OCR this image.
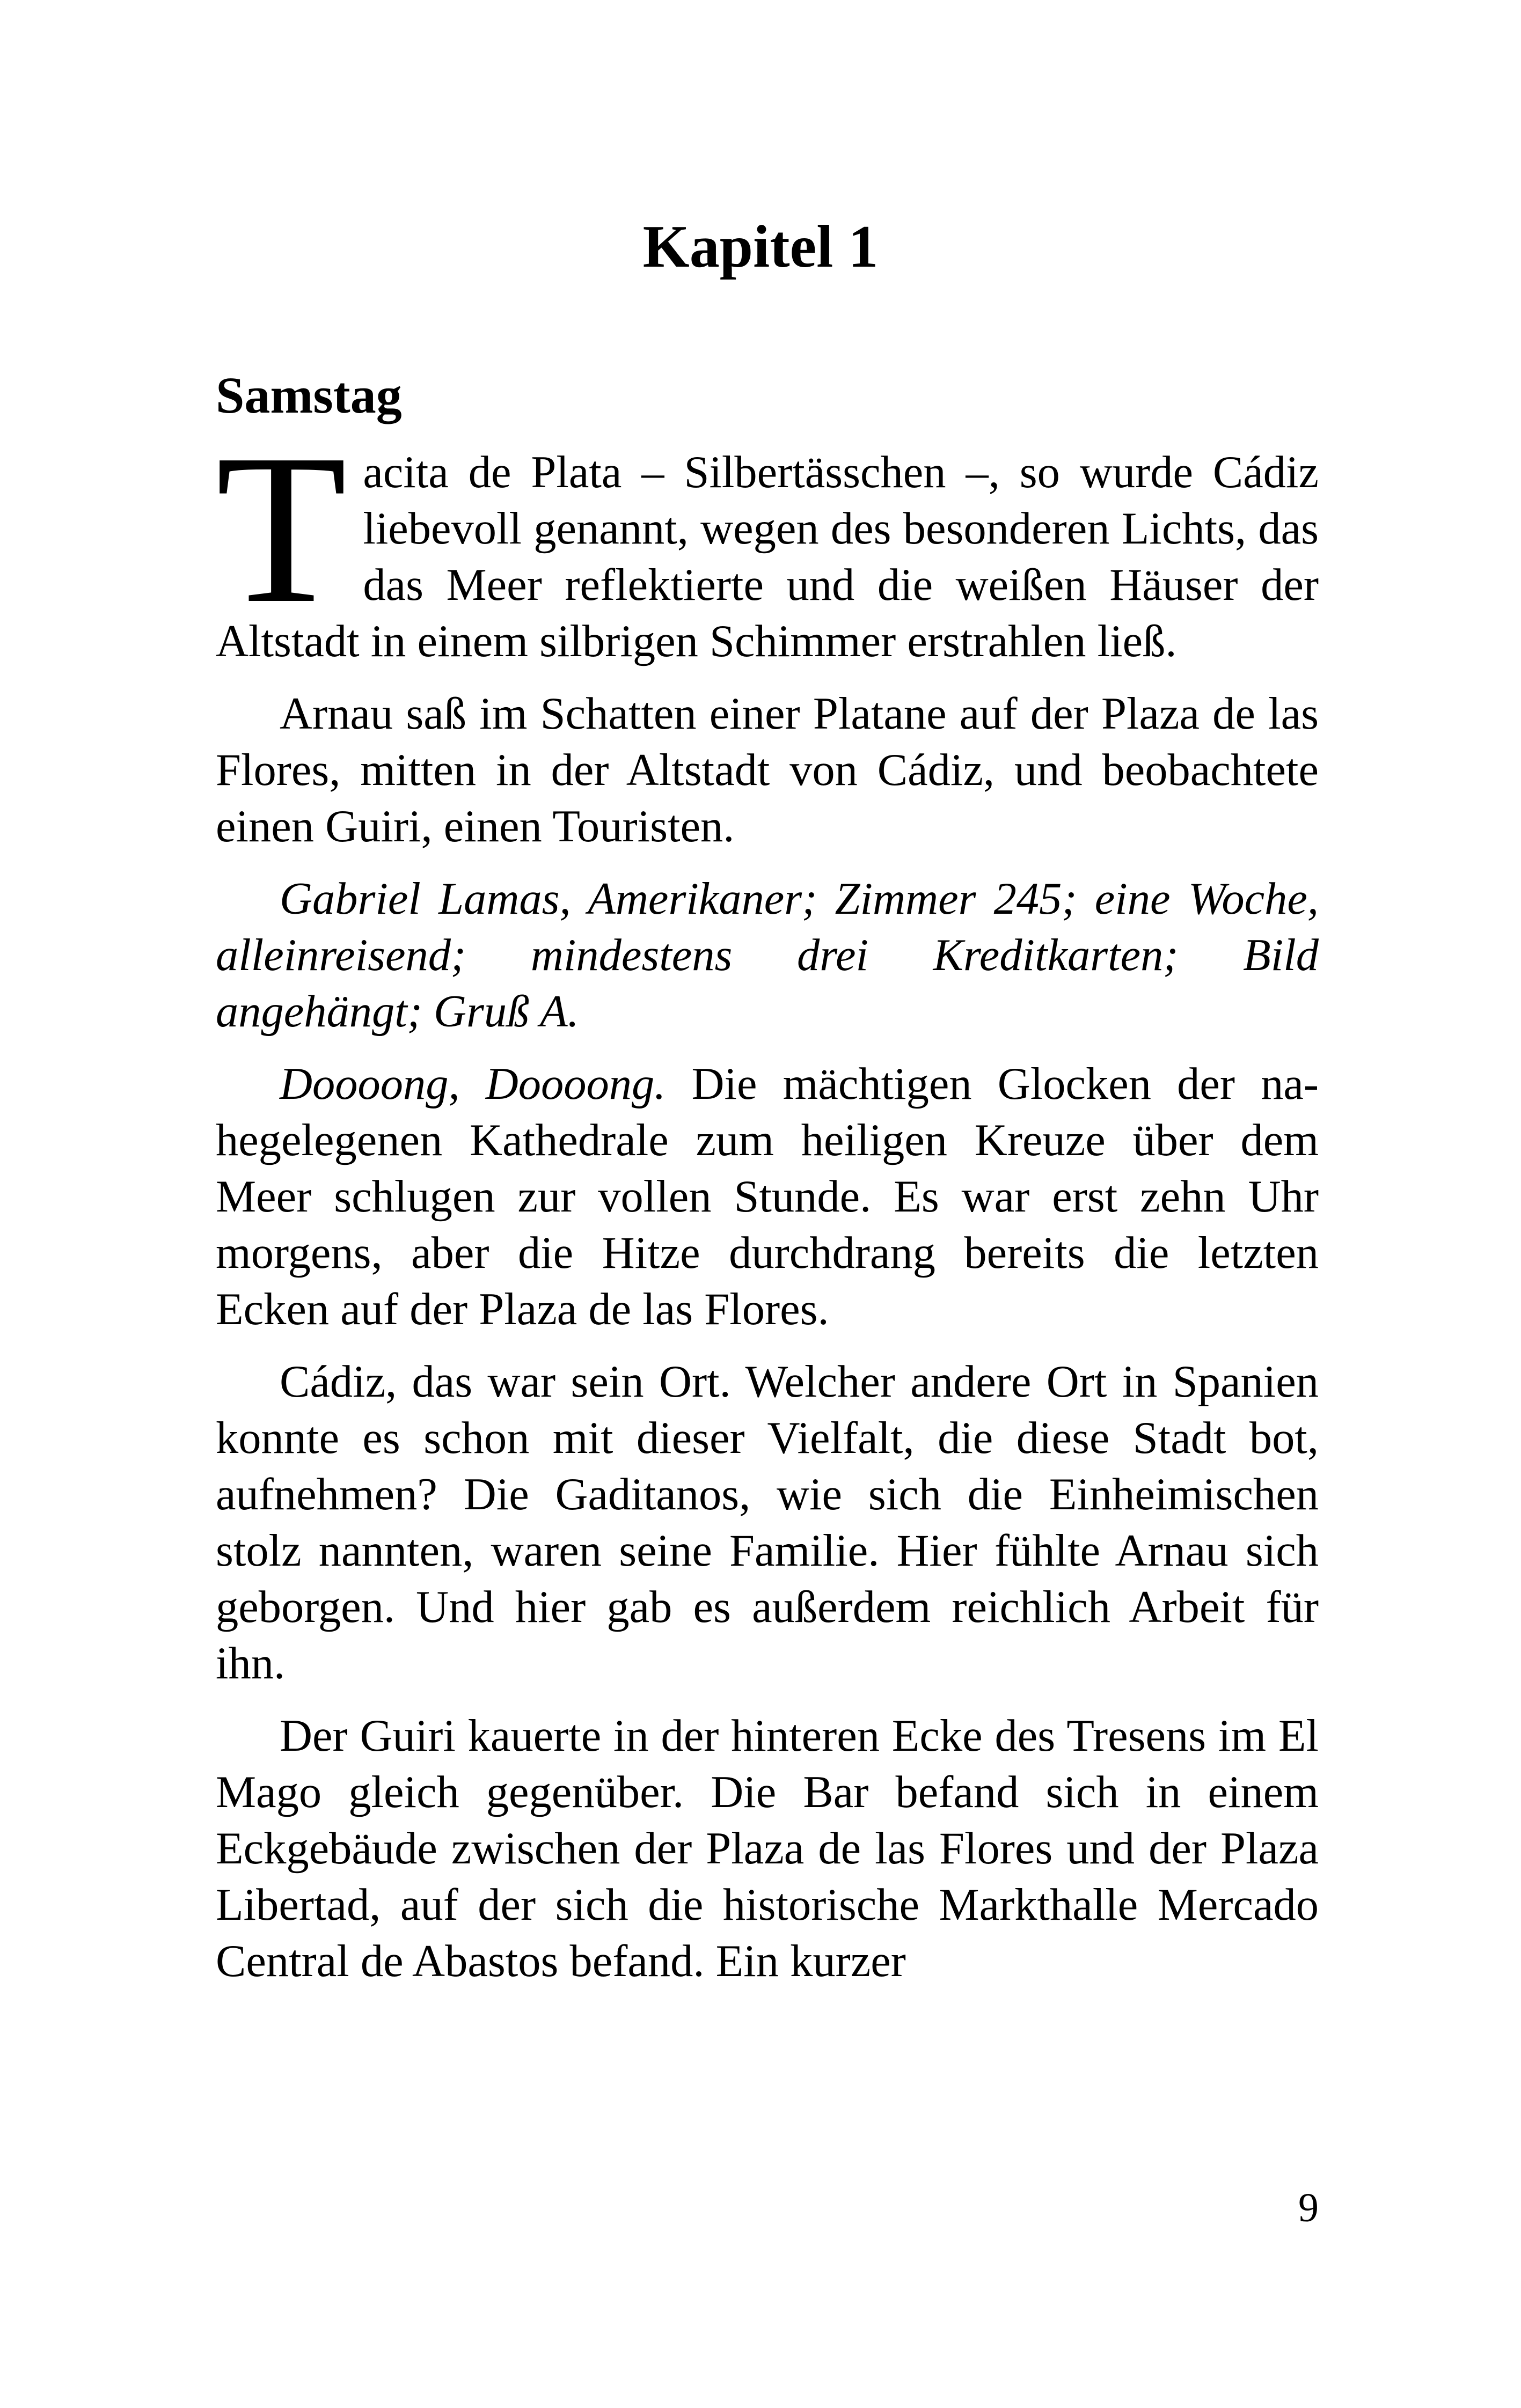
Kapitel 1
Samstag

Tacita de Plata – Silbertässchen –, so wurde Cádiz liebevoll genannt, wegen des besonderen Lichts, das das Meer reflektierte und die weißen Häuser der Altstadt in einem silbrigen Schimmer erstrahlen ließ.

Arnau saß im Schatten einer Platane auf der Plaza de las Flores, mitten in der Altstadt von Cádiz, und beobachtete einen Guiri, einen Touristen.

Gabriel Lamas, Amerikaner; Zimmer 245; eine Woche, alleinreisend; mindestens drei Kreditkarten; Bild angehängt; Gruß A.

Doooong, Doooong. Die mächtigen Glocken der nahegelegenen Kathedrale zum heiligen Kreuze über dem Meer schlugen zur vollen Stunde. Es war erst zehn Uhr morgens, aber die Hitze durchdrang bereits die letzten Ecken auf der Plaza de las Flores.

Cádiz, das war sein Ort. Welcher andere Ort in Spanien konnte es schon mit dieser Vielfalt, die diese Stadt bot, aufnehmen? Die Gaditanos, wie sich die Einheimischen stolz nannten, waren seine Familie. Hier fühlte Arnau sich geborgen. Und hier gab es außerdem reichlich Arbeit für ihn.

Der Guiri kauerte in der hinteren Ecke des Tresens im El Mago gleich gegenüber. Die Bar befand sich in einem Eckgebäude zwischen der Plaza de las Flores und der Plaza Libertad, auf der sich die historische Markthalle Mercado Central de Abastos befand. Ein kurzer

9
